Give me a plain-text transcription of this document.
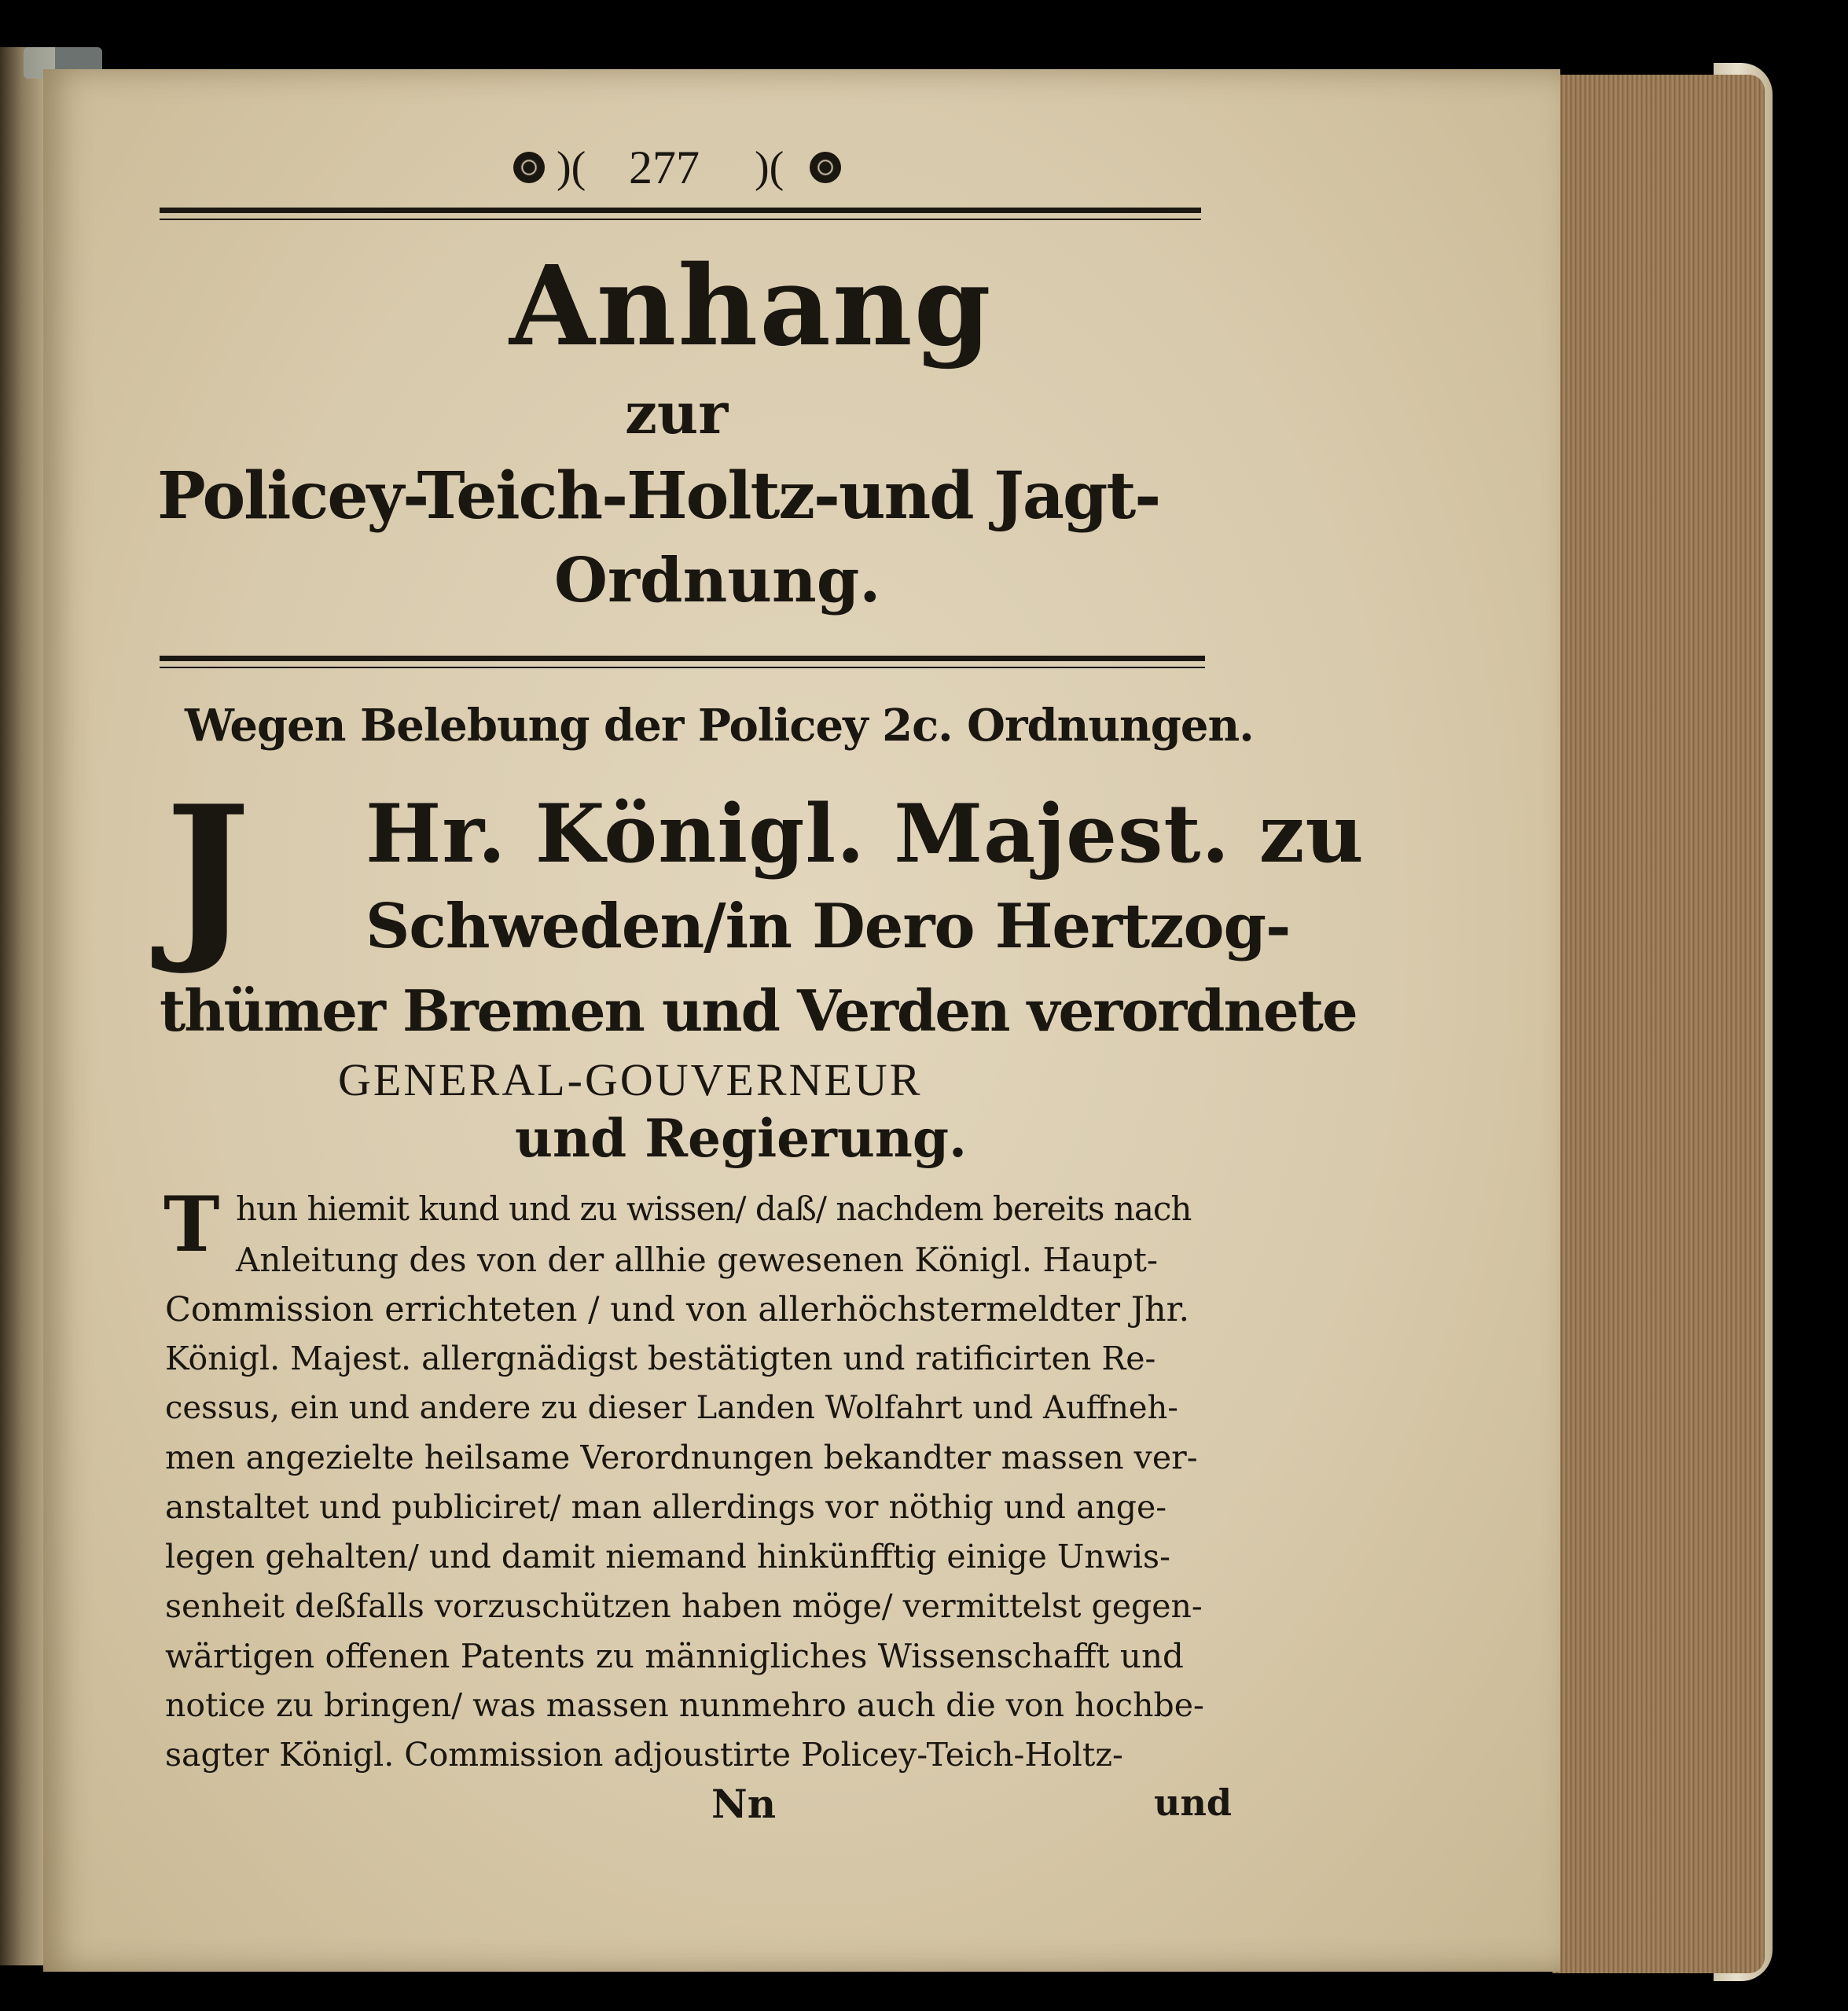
)( 277 )(
Anhang
zur
Policey-Teich-Holtz-und Jagt-
Ordnung.
Wegen Belebung der Policey 2c. Ordnungen.
J	Hr. Königl. Majest. zu
Schweden/in Dero Hertzog-
thümer Bremen und Verden verordnete
GENERAL-GOUVERNEUR
und Regierung.
T hun hiemit kund und zu wissen/ daß/ nachdem bereits nach
Anleitung des von der allhie gewesenen Königl. Haupt-
Commission errichteten / und von allerhöchstermeldter Jhr.
Königl. Majest. allergnädigst bestätigten und ratificirten Re-
cessus, ein und andere zu dieser Landen Wolfahrt und Auffneh-
men angezielte heilsame Verordnungen bekandter massen ver-
anstaltet und publiciret/ man allerdings vor nöthig und ange-
legen gehalten/ und damit niemand hinkünfftig einige Unwis-
senheit deßfalls vorzuschützen haben möge/ vermittelst gegen-
wärtigen offenen Patents zu männigliches Wissenschafft und
notice zu bringen/ was massen nunmehro auch die von hochbe-
sagter Königl. Commission adjoustirte Policey-Teich-Holtz-
Nn	und
